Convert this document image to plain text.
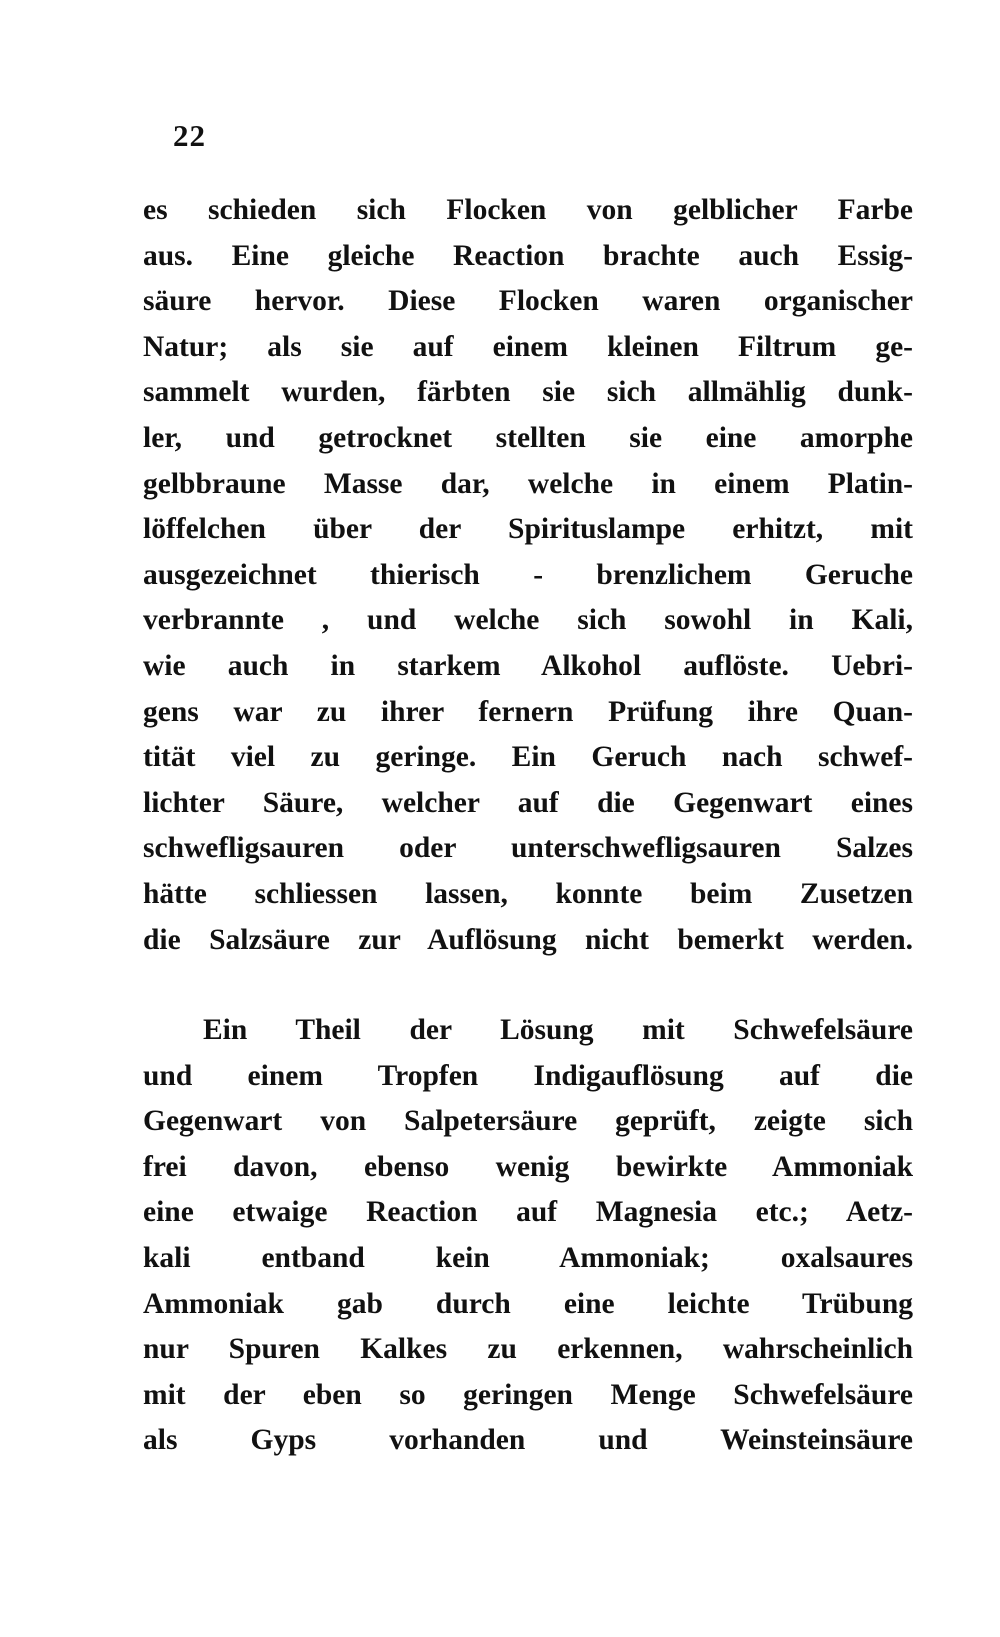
22
es schieden sich Flocken von gelblicher Farbe
aus. Eine gleiche Reaction brachte auch Essig-
säure hervor. Diese Flocken waren organischer
Natur; als sie auf einem kleinen Filtrum ge-
sammelt wurden, färbten sie sich allmählig dunk-
ler, und getrocknet stellten sie eine amorphe
gelbbraune Masse dar, welche in einem Platin-
löffelchen über der Spirituslampe erhitzt, mit
ausgezeichnet thierisch - brenzlichem Geruche
verbrannte , und welche sich sowohl in Kali,
wie auch in starkem Alkohol auflöste. Uebri-
gens war zu ihrer fernern Prüfung ihre Quan-
tität viel zu geringe. Ein Geruch nach schwef-
lichter Säure, welcher auf die Gegenwart eines
schwefligsauren oder unterschwefligsauren Salzes
hätte schliessen lassen, konnte beim Zusetzen
die Salzsäure zur Auflösung nicht bemerkt werden.
Ein Theil der Lösung mit Schwefelsäure
und einem Tropfen Indigauflösung auf die
Gegenwart von Salpetersäure geprüft, zeigte sich
frei davon, ebenso wenig bewirkte Ammoniak
eine etwaige Reaction auf Magnesia etc.; Aetz-
kali entband kein Ammoniak; oxalsaures
Ammoniak gab durch eine leichte Trübung
nur Spuren Kalkes zu erkennen, wahrscheinlich
mit der eben so geringen Menge Schwefelsäure
als Gyps vorhanden und Weinsteinsäure
